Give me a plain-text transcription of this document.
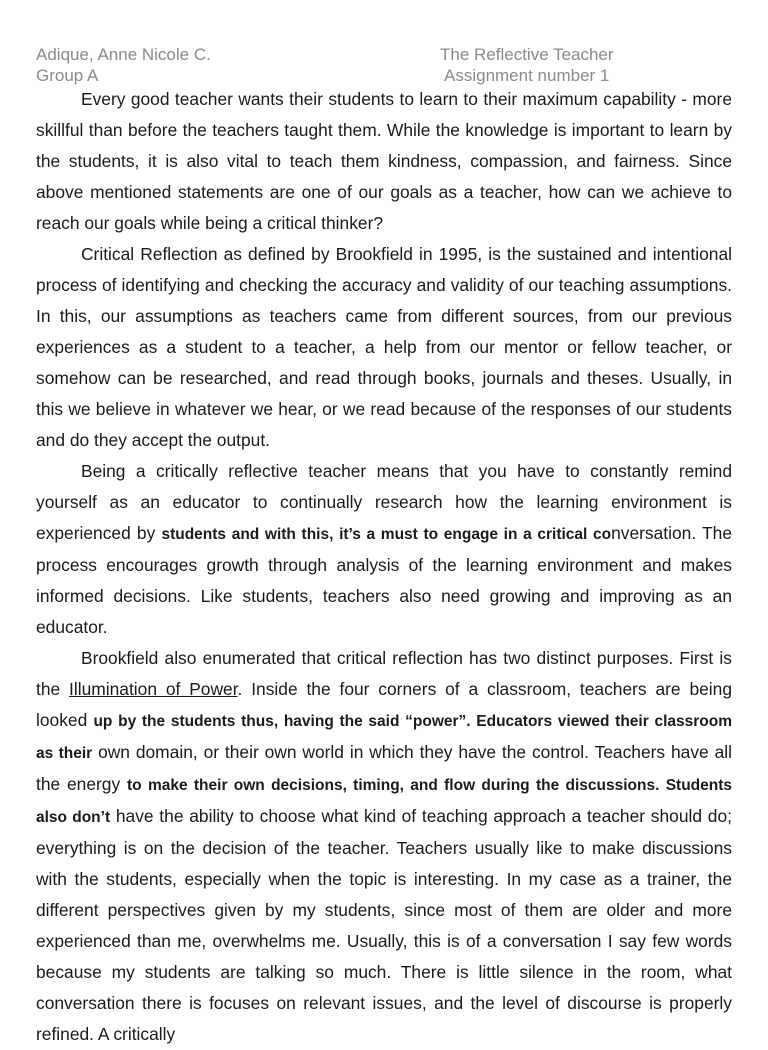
Adique, Anne Nicole C.	The Reflective Teacher
Group A	Assignment number 1

Every good teacher wants their students to learn to their maximum capability - more skillful than before the teachers taught them. While the knowledge is important to learn by the students, it is also vital to teach them kindness, compassion, and fairness. Since above mentioned statements are one of our goals as a teacher, how can we achieve to reach our goals while being a critical thinker?

Critical Reflection as defined by Brookfield in 1995, is the sustained and intentional process of identifying and checking the accuracy and validity of our teaching assumptions. In this, our assumptions as teachers came from different sources, from our previous experiences as a student to a teacher, a help from our mentor or fellow teacher, or somehow can be researched, and read through books, journals and theses. Usually, in this we believe in whatever we hear, or we read because of the responses of our students and do they accept the output.

Being a critically reflective teacher means that you have to constantly remind yourself as an educator to continually research how the learning environment is experienced by students and with this, it’s a must to engage in a critical conversation. The process encourages growth through analysis of the learning environment and makes informed decisions. Like students, teachers also need growing and improving as an educator.

Brookfield also enumerated that critical reflection has two distinct purposes. First is the Illumination of Power. Inside the four corners of a classroom, teachers are being looked up by the students thus, having the said “power”. Educators viewed their classroom as their own domain, or their own world in which they have the control. Teachers have all the energy to make their own decisions, timing, and flow during the discussions. Students also don’t have the ability to choose what kind of teaching approach a teacher should do; everything is on the decision of the teacher. Teachers usually like to make discussions with the students, especially when the topic is interesting. In my case as a trainer, the different perspectives given by my students, since most of them are older and more experienced than me, overwhelms me. Usually, this is of a conversation I say few words because my students are talking so much. There is little silence in the room, what conversation there is focuses on relevant issues, and the level of discourse is properly refined. A critically
